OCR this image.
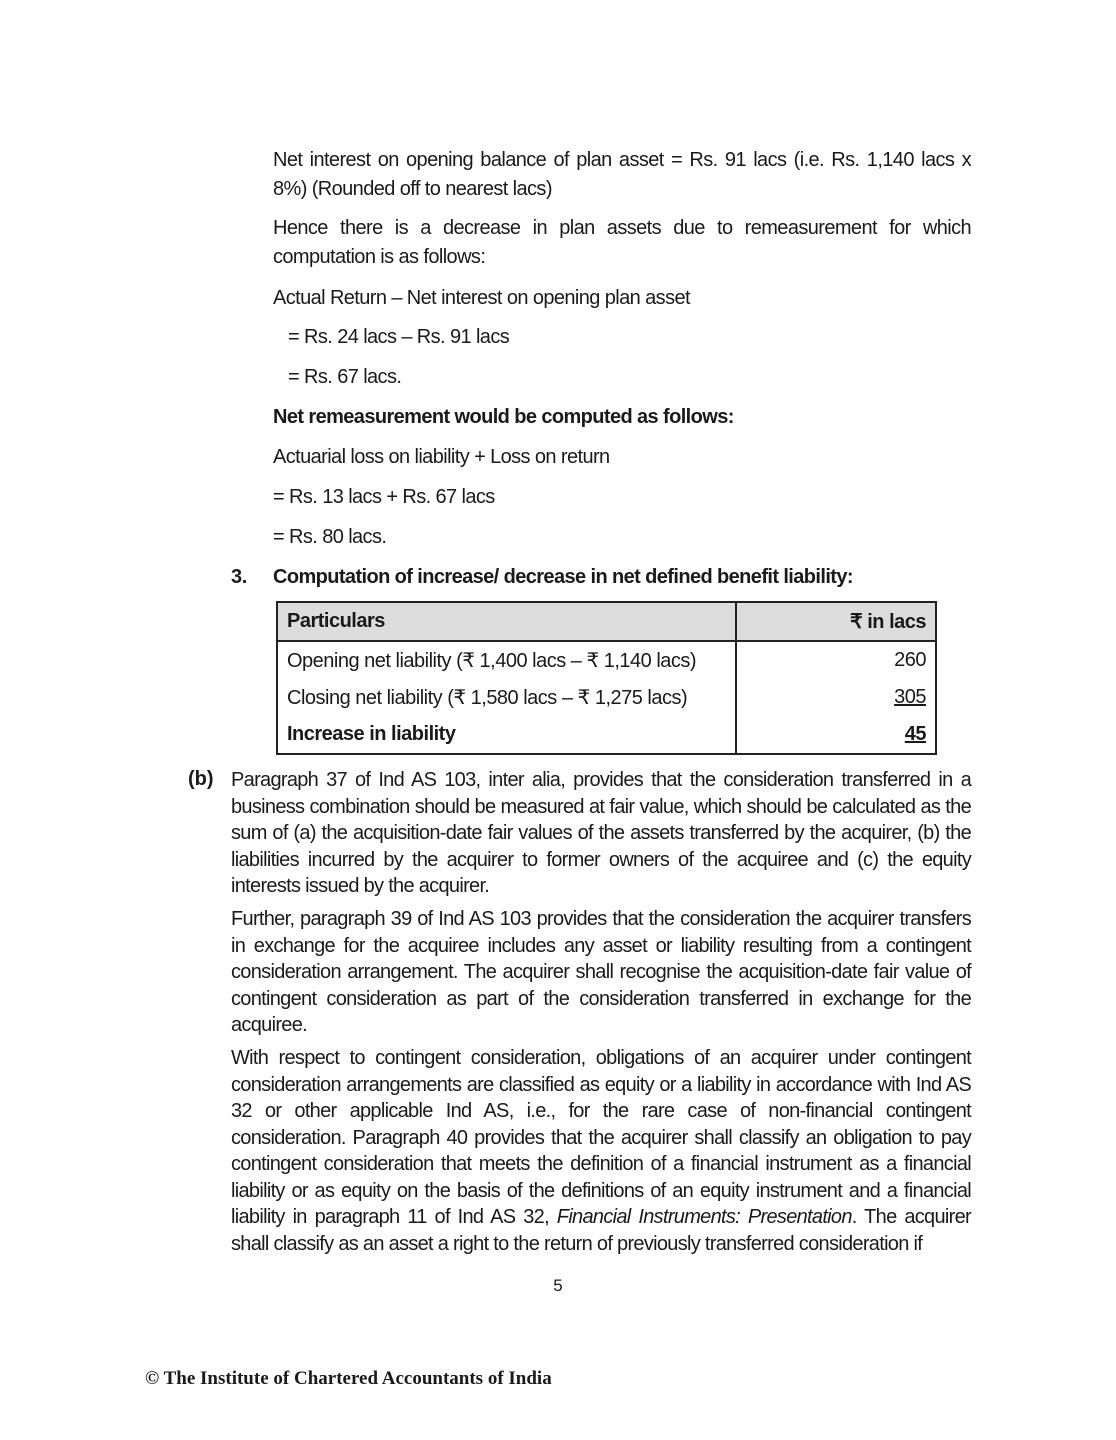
Net interest on opening balance of plan asset = Rs. 91 lacs (i.e. Rs. 1,140 lacs x 8%) (Rounded off to nearest lacs)
Hence there is a decrease in plan assets due to remeasurement for which computation is as follows:
Actual Return – Net interest on opening plan asset
= Rs. 24 lacs – Rs. 91 lacs
= Rs. 67 lacs.
Net remeasurement would be computed as follows:
Actuarial loss on liability + Loss on return
= Rs. 13 lacs + Rs. 67 lacs
= Rs. 80 lacs.
3. Computation of increase/ decrease in net defined benefit liability:
Particulars	₹ in lacs
Opening net liability (₹ 1,400 lacs – ₹ 1,140 lacs)	260
Closing net liability (₹ 1,580 lacs – ₹ 1,275 lacs)	305
Increase in liability	45
(b) Paragraph 37 of Ind AS 103, inter alia, provides that the consideration transferred in a business combination should be measured at fair value, which should be calculated as the sum of (a) the acquisition-date fair values of the assets transferred by the acquirer, (b) the liabilities incurred by the acquirer to former owners of the acquiree and (c) the equity interests issued by the acquirer.
Further, paragraph 39 of Ind AS 103 provides that the consideration the acquirer transfers in exchange for the acquiree includes any asset or liability resulting from a contingent consideration arrangement. The acquirer shall recognise the acquisition-date fair value of contingent consideration as part of the consideration transferred in exchange for the acquiree.
With respect to contingent consideration, obligations of an acquirer under contingent consideration arrangements are classified as equity or a liability in accordance with Ind AS 32 or other applicable Ind AS, i.e., for the rare case of non-financial contingent consideration. Paragraph 40 provides that the acquirer shall classify an obligation to pay contingent consideration that meets the definition of a financial instrument as a financial liability or as equity on the basis of the definitions of an equity instrument and a financial liability in paragraph 11 of Ind AS 32, Financial Instruments: Presentation. The acquirer shall classify as an asset a right to the return of previously transferred consideration if
5
© The Institute of Chartered Accountants of India
